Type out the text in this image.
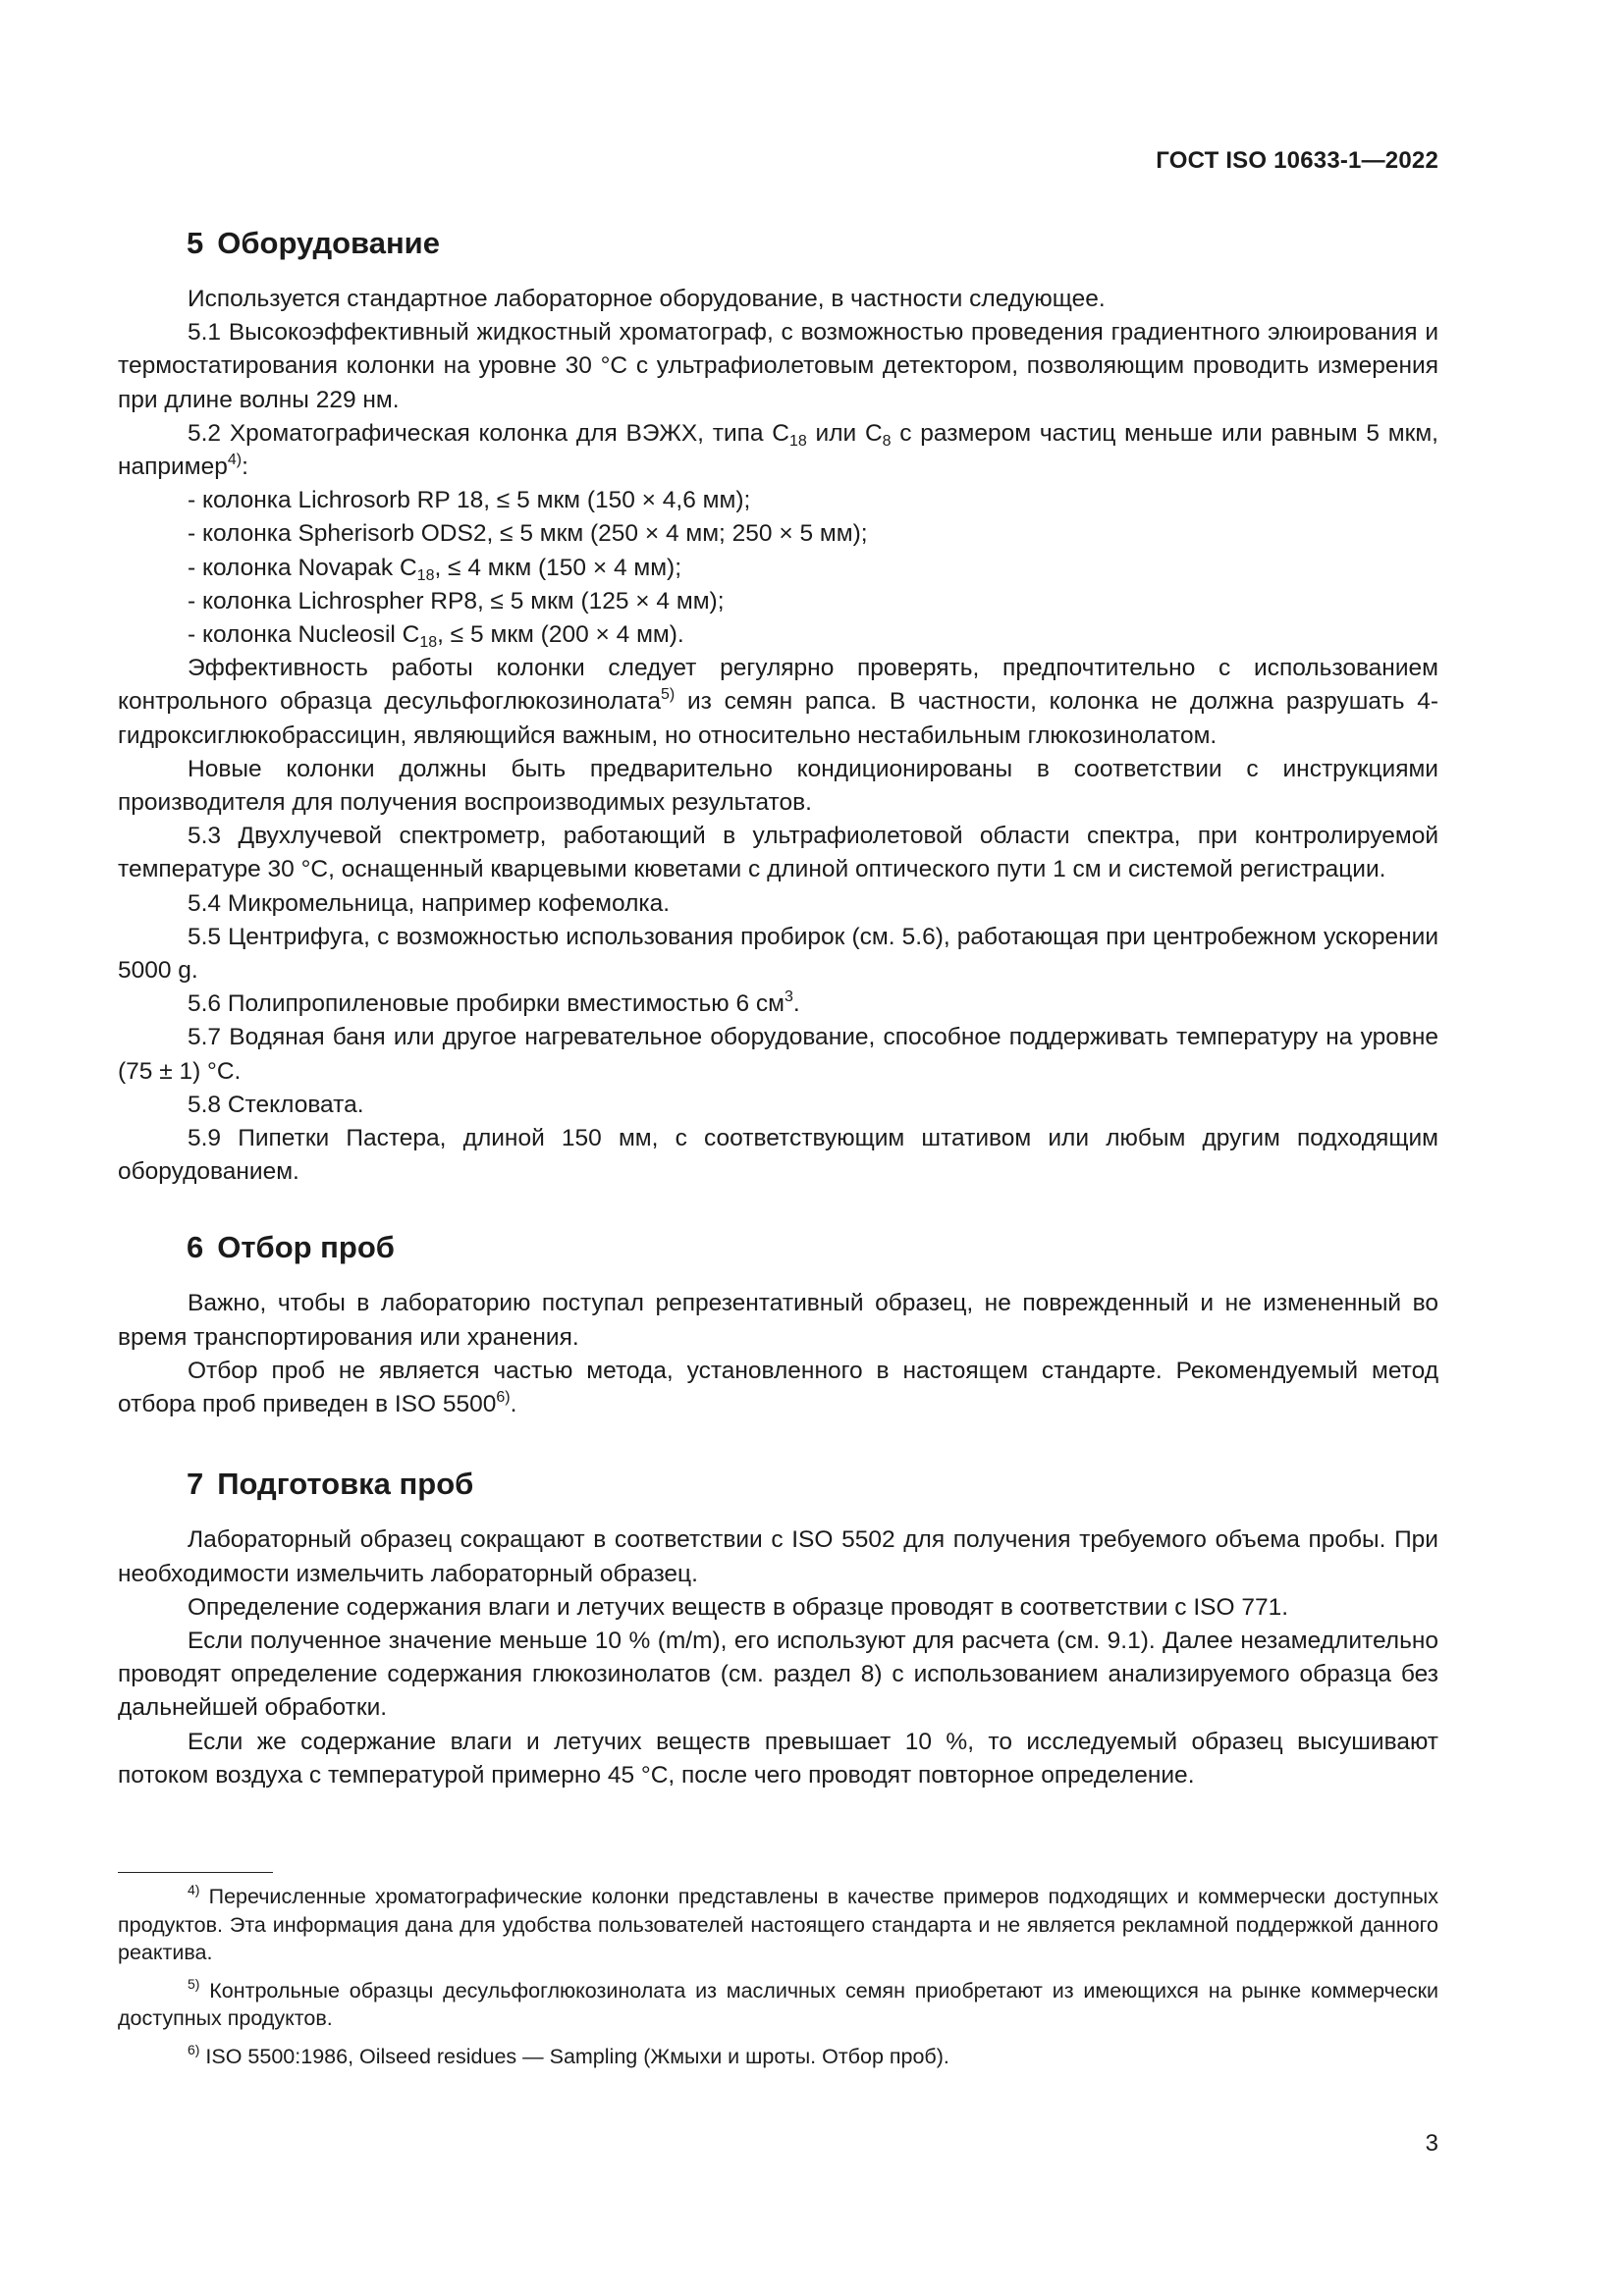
ГОСТ ISO 10633-1—2022
5 Оборудование

Используется стандартное лабораторное оборудование, в частности следующее.

5.1 Высокоэффективный жидкостный хроматограф, с возможностью проведения градиентного элюирования и термостатирования колонки на уровне 30 °С с ультрафиолетовым детектором, позволяющим проводить измерения при длине волны 229 нм.

5.2 Хроматографическая колонка для ВЭЖХ, типа $С_{18}$ или $С_8$ с размером частиц меньше или равным 5 мкм, например$^{4)}$:

- колонка Lichrosorb RP 18, ≤ 5 мкм (150 × 4,6 мм);

- колонка Spherisorb ODS2, ≤ 5 мкм (250 × 4 мм; 250 × 5 мм);

- колонка Novapak $С_{18}$, ≤ 4 мкм (150 × 4 мм);

- колонка Lichrospher RP8, ≤ 5 мкм (125 × 4 мм);

- колонка Nucleosil $С_{18}$, ≤ 5 мкм (200 × 4 мм).

Эффективность работы колонки следует регулярно проверять, предпочтительно с использованием контрольного образца десульфоглюкозинолата$^{5)}$ из семян рапса. В частности, колонка не должна разрушать 4-гидроксиглюкобрассицин, являющийся важным, но относительно нестабильным глюкозинолатом.

Новые колонки должны быть предварительно кондиционированы в соответствии с инструкциями производителя для получения воспроизводимых результатов.

5.3 Двухлучевой спектрометр, работающий в ультрафиолетовой области спектра, при контролируемой температуре 30 °С, оснащенный кварцевыми кюветами с длиной оптического пути 1 см и системой регистрации.

5.4 Микромельница, например кофемолка.

5.5 Центрифуга, с возможностью использования пробирок (см. 5.6), работающая при центробежном ускорении 5000 g.

5.6 Полипропиленовые пробирки вместимостью 6 $см^3$.

5.7 Водяная баня или другое нагревательное оборудование, способное поддерживать температуру на уровне (75 ± 1) °С.

5.8 Стекловата.

5.9 Пипетки Пастера, длиной 150 мм, с соответствующим штативом или любым другим подходящим оборудованием.

6 Отбор проб

Важно, чтобы в лабораторию поступал репрезентативный образец, не поврежденный и не измененный во время транспортирования или хранения.

Отбор проб не является частью метода, установленного в настоящем стандарте. Рекомендуемый метод отбора проб приведен в ISO 5500$^{6)}$.

7 Подготовка проб

Лабораторный образец сокращают в соответствии с ISO 5502 для получения требуемого объема пробы. При необходимости измельчить лабораторный образец.

Определение содержания влаги и летучих веществ в образце проводят в соответствии с ISO 771.

Если полученное значение меньше 10 % (m/m), его используют для расчета (см. 9.1). Далее незамедлительно проводят определение содержания глюкозинолатов (см. раздел 8) с использованием анализируемого образца без дальнейшей обработки.

Если же содержание влаги и летучих веществ превышает 10 %, то исследуемый образец высушивают потоком воздуха с температурой примерно 45 °С, после чего проводят повторное определение.

$^{4)}$ Перечисленные хроматографические колонки представлены в качестве примеров подходящих и коммерчески доступных продуктов. Эта информация дана для удобства пользователей настоящего стандарта и не является рекламной поддержкой данного реактива.

$^{5)}$ Контрольные образцы десульфоглюкозинолата из масличных семян приобретают из имеющихся на рынке коммерчески доступных продуктов.

$^{6)}$ ISO 5500:1986, Oilseed residues — Sampling (Жмыхи и шроты. Отбор проб).

3
